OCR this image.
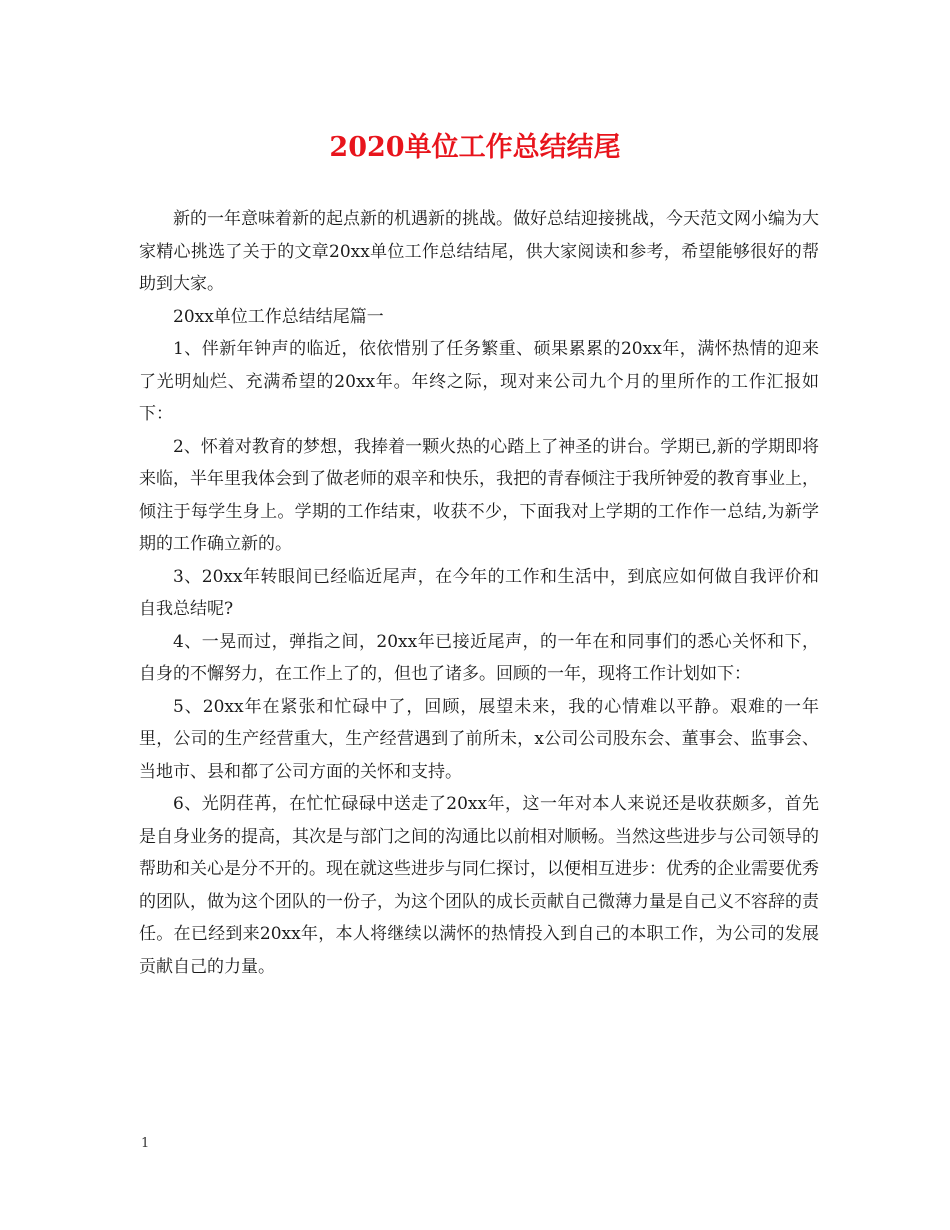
2020单位工作总结结尾

新的一年意味着新的起点新的机遇新的挑战。做好总结迎接挑战，今天范文网小编为大家精心挑选了关于的文章20xx单位工作总结结尾，供大家阅读和参考，希望能够很好的帮助到大家。

20xx单位工作总结结尾篇一

1、伴新年钟声的临近，依依惜别了任务繁重、硕果累累的20xx年，满怀热情的迎来了光明灿烂、充满希望的20xx年。年终之际，现对来公司九个月的里所作的工作汇报如下：

2、怀着对教育的梦想，我捧着一颗火热的心踏上了神圣的讲台。学期已,新的学期即将来临，半年里我体会到了做老师的艰辛和快乐，我把的青春倾注于我所钟爱的教育事业上，倾注于每学生身上。学期的工作结束，收获不少，下面我对上学期的工作作一总结,为新学期的工作确立新的。

3、20xx年转眼间已经临近尾声，在今年的工作和生活中，到底应如何做自我评价和自我总结呢?

4、一晃而过，弹指之间，20xx年已接近尾声，的一年在和同事们的悉心关怀和下，自身的不懈努力，在工作上了的，但也了诸多。回顾的一年，现将工作计划如下：

5、20xx年在紧张和忙碌中了，回顾，展望未来，我的心情难以平静。艰难的一年里，公司的生产经营重大，生产经营遇到了前所未，x公司公司股东会、董事会、监事会、当地市、县和都了公司方面的关怀和支持。

6、光阴荏苒，在忙忙碌碌中送走了20xx年，这一年对本人来说还是收获颇多，首先是自身业务的提高，其次是与部门之间的沟通比以前相对顺畅。当然这些进步与公司领导的帮助和关心是分不开的。现在就这些进步与同仁探讨，以便相互进步：优秀的企业需要优秀的团队，做为这个团队的一份子，为这个团队的成长贡献自己微薄力量是自己义不容辞的责任。在已经到来20xx年，本人将继续以满怀的热情投入到自己的本职工作，为公司的发展贡献自己的力量。

1
